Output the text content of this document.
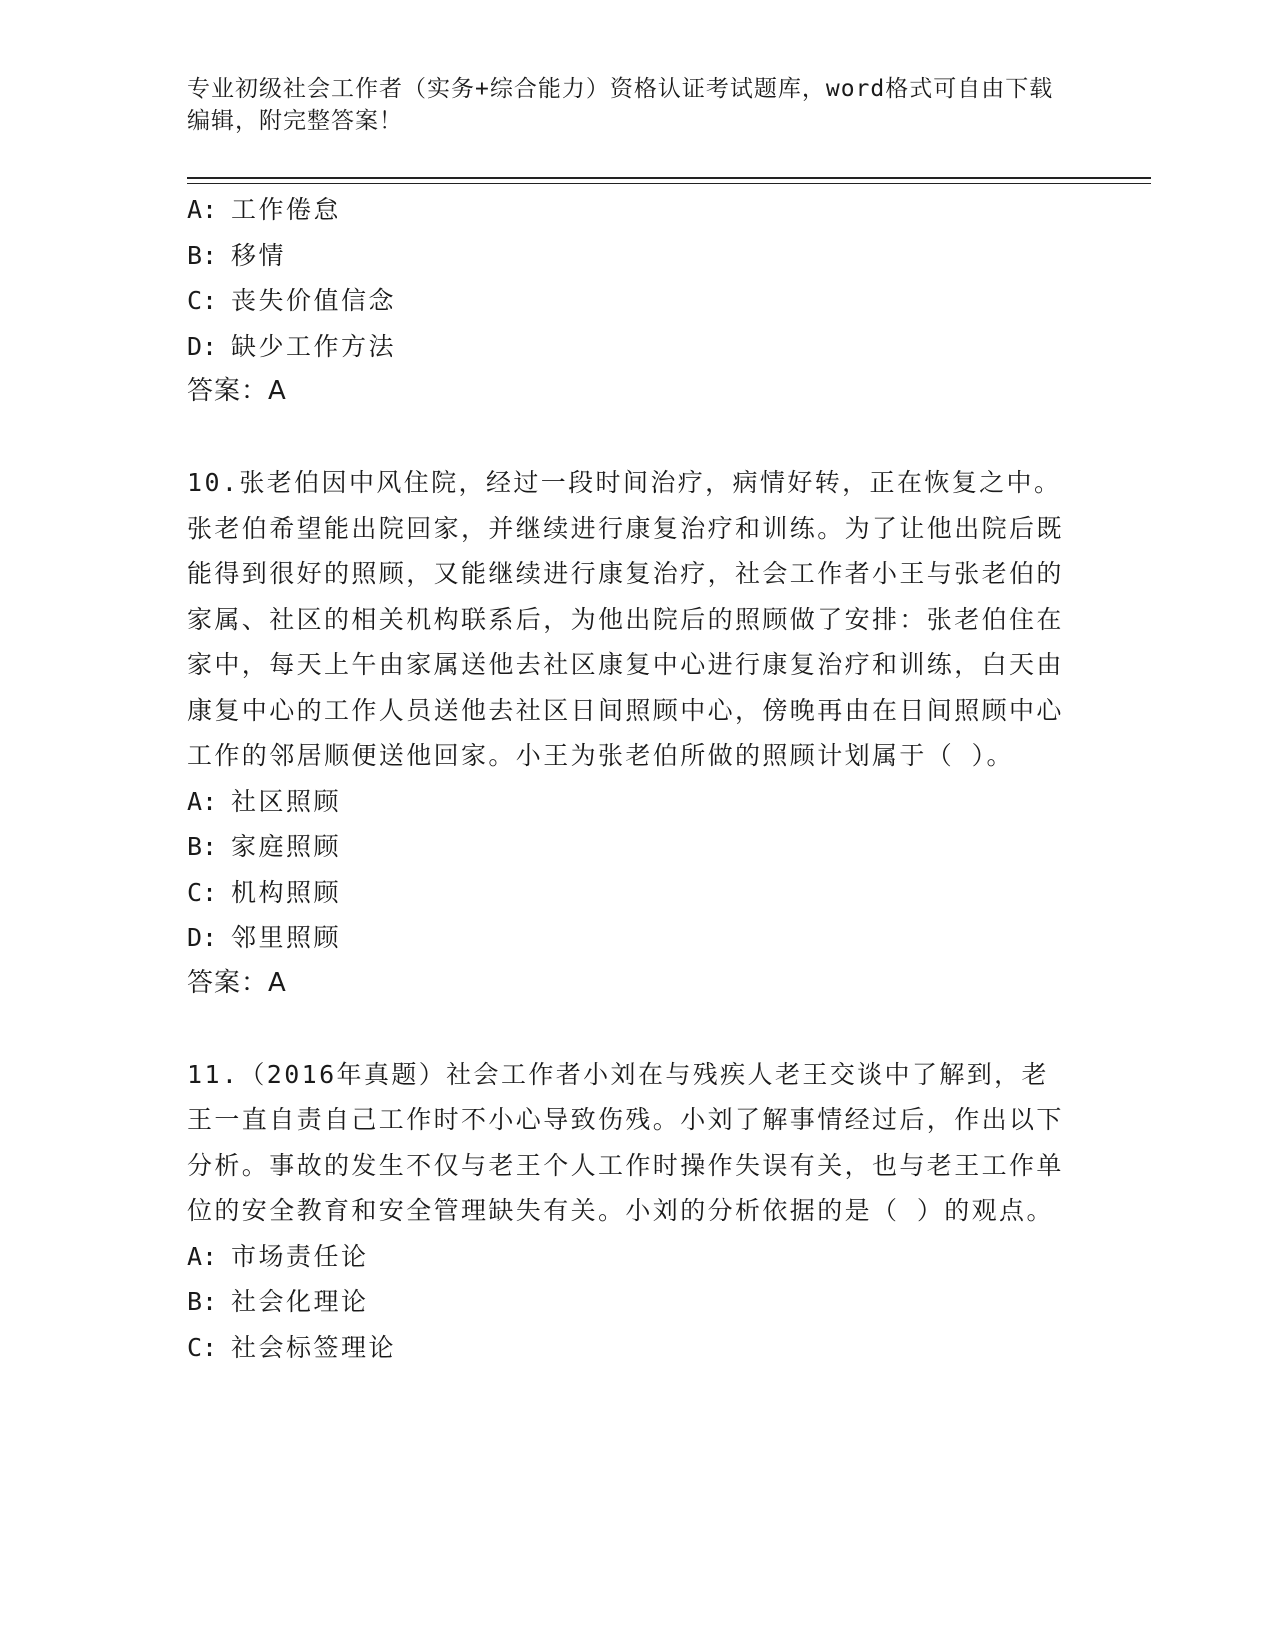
专业初级社会工作者（实务+综合能力）资格认证考试题库，word格式可自由下载
编辑，附完整答案！
A: 工作倦怠
B: 移情
C: 丧失价值信念
D: 缺少工作方法
答案：A
10.张老伯因中风住院，经过一段时间治疗，病情好转，正在恢复之中。张老伯希望能出院回家，并继续进行康复治疗和训练。为了让他出院后既能得到很好的照顾，又能继续进行康复治疗，社会工作者小王与张老伯的家属、社区的相关机构联系后，为他出院后的照顾做了安排：张老伯住在家中，每天上午由家属送他去社区康复中心进行康复治疗和训练，白天由康复中心的工作人员送他去社区日间照顾中心，傍晚再由在日间照顾中心工作的邻居顺便送他回家。小王为张老伯所做的照顾计划属于（ ）。
A: 社区照顾
B: 家庭照顾
C: 机构照顾
D: 邻里照顾
答案：A
11.（2016年真题）社会工作者小刘在与残疾人老王交谈中了解到，老王一直自责自己工作时不小心导致伤残。小刘了解事情经过后，作出以下分析。事故的发生不仅与老王个人工作时操作失误有关，也与老王工作单位的安全教育和安全管理缺失有关。小刘的分析依据的是（ ）的观点。
A: 市场责任论
B: 社会化理论
C: 社会标签理论
